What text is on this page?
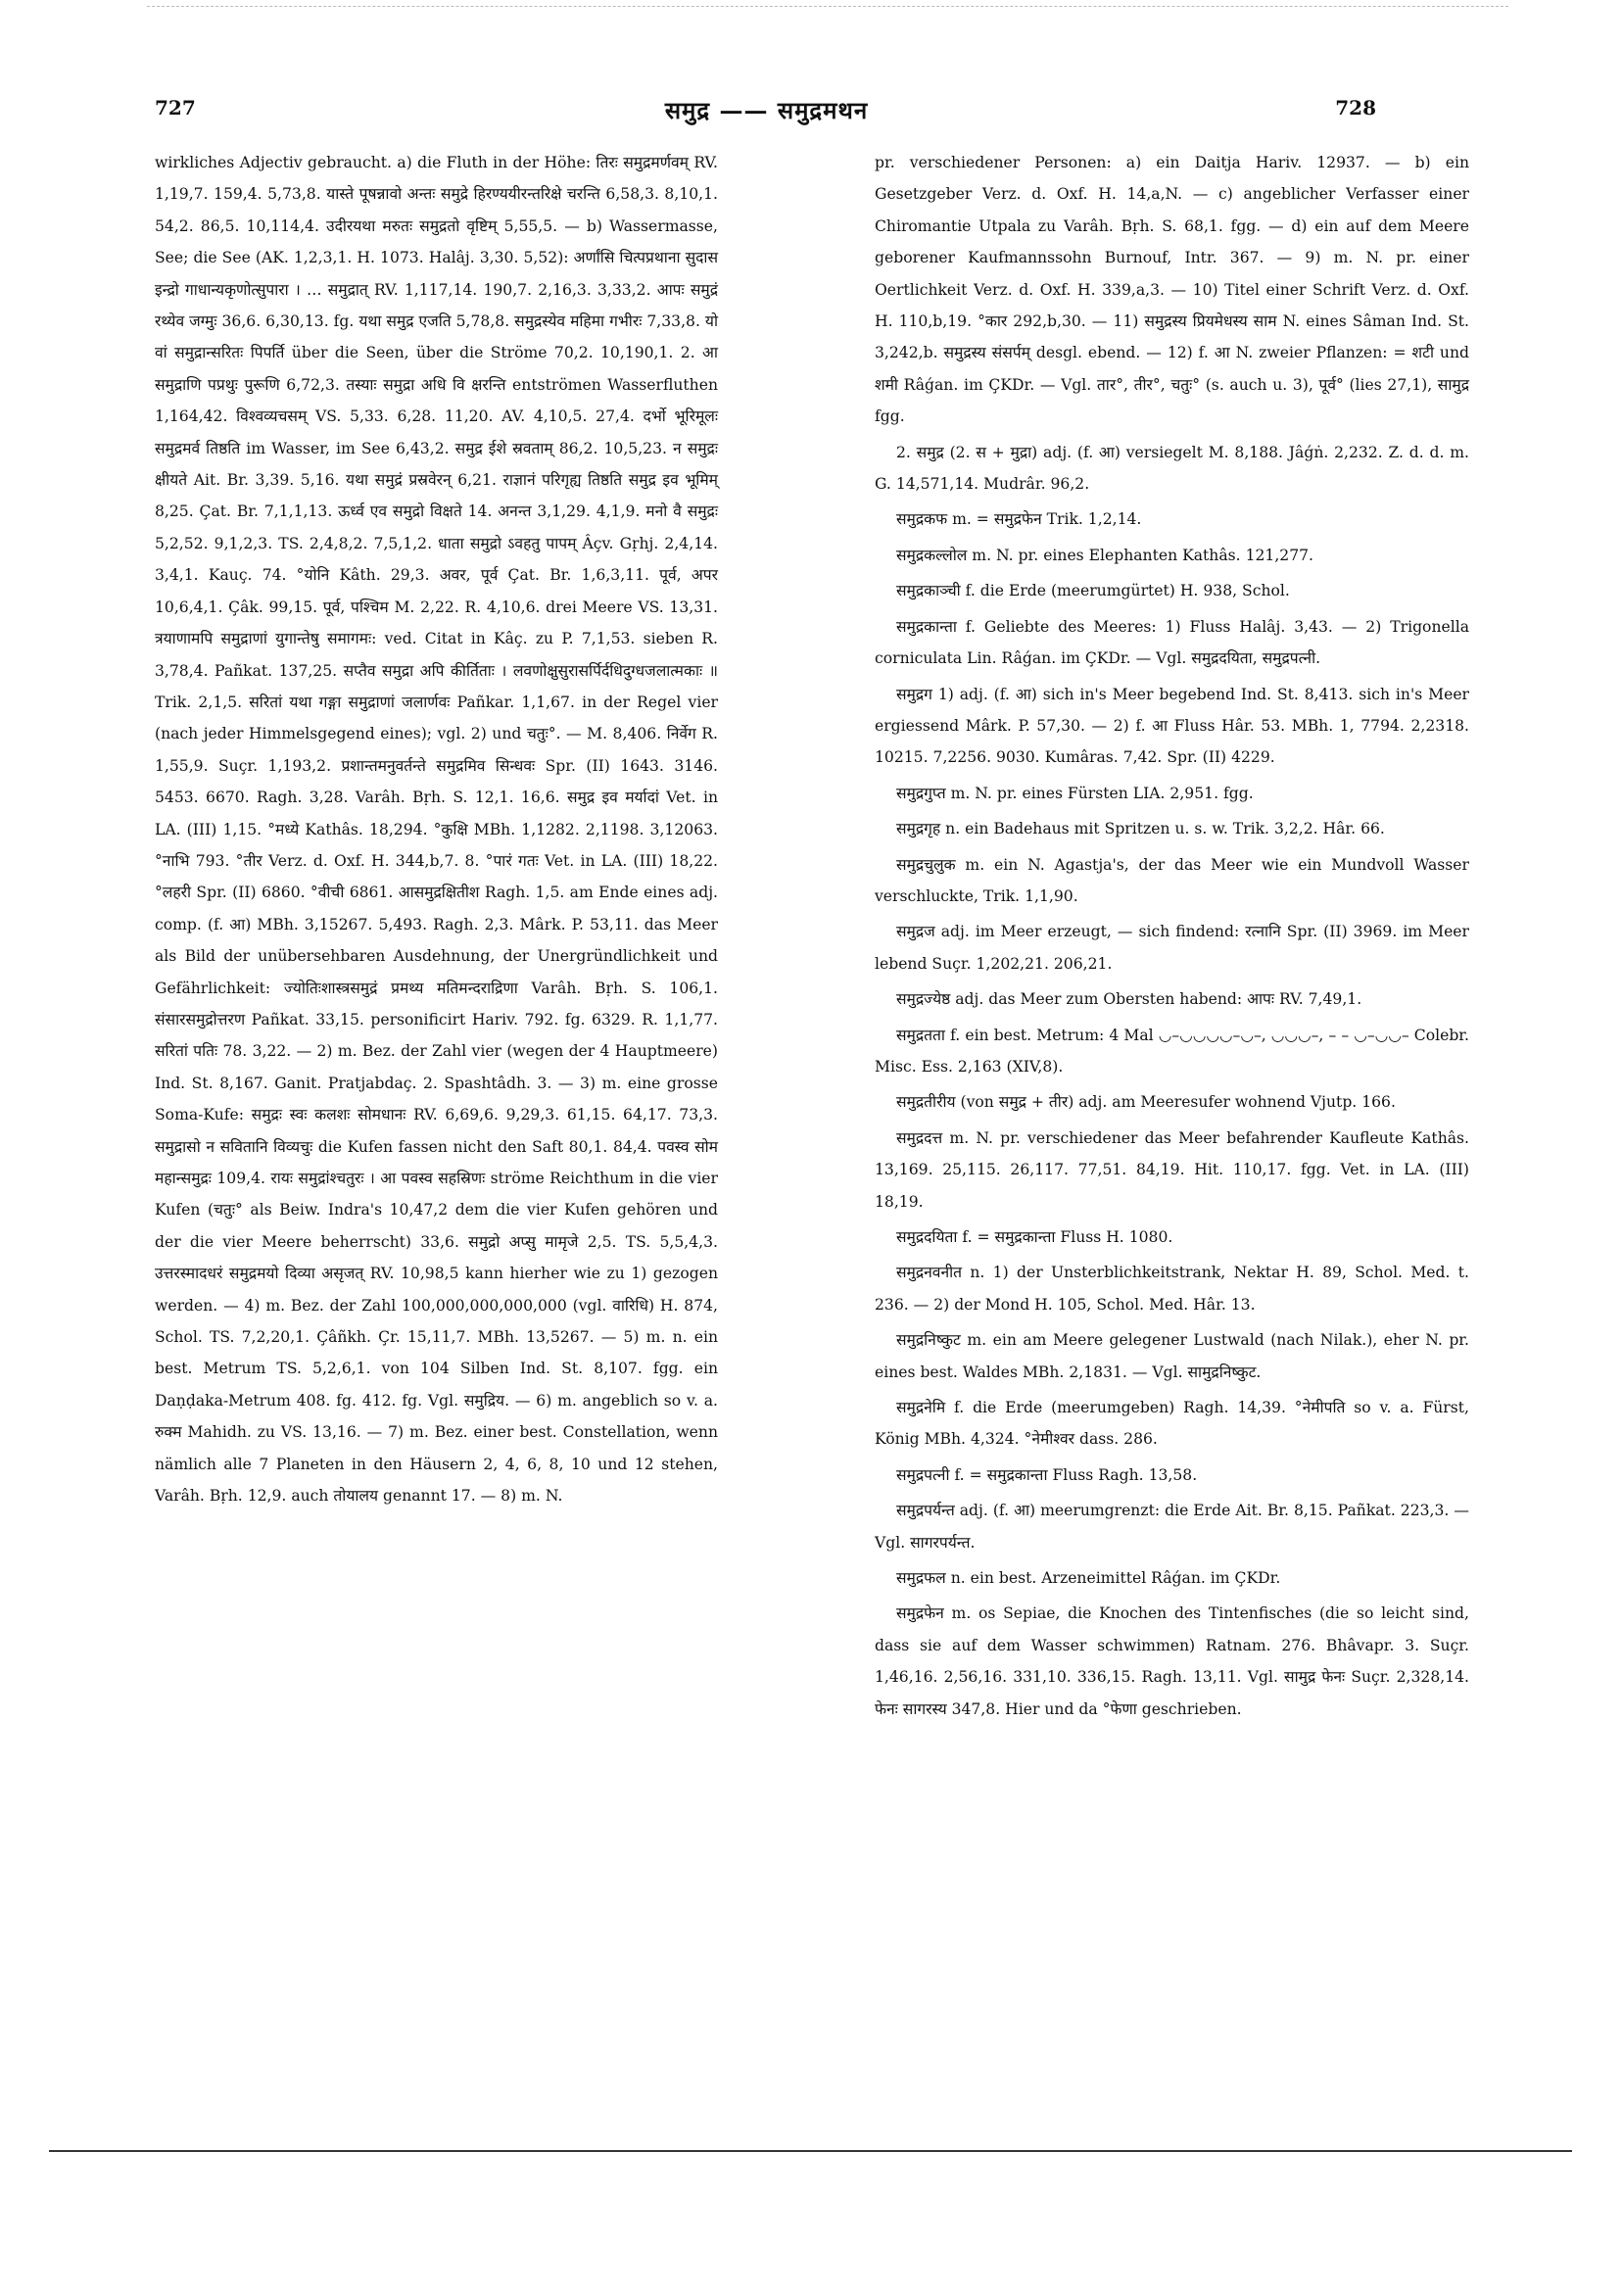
727	समुद्र —— समुद्रमथन	728

wirkliches Adjectiv gebraucht. a) die Fluth in der Höhe: तिरः समुद्रमर्णवम् RV. 1,19,7. 159,4. 5,73,8. यास्ते पूषन्नावो अन्तः समुद्रे हिरण्ययीरन्तरिक्षे चरन्ति 6,58,3. 8,10,1. 54,2. 86,5. 10,114,4. उदीरयथा मरुतः समुद्रतो वृष्टिम् 5,55,5. — b) Wassermasse, See; die See (AK. 1,2,3,1. H. 1073. Halâj. 3,30. 5,52): अर्णांसि चित्पप्रथाना सुदास इन्द्रो गाधान्यकृणोत्सुपारा । … समुद्रात् RV. 1,117,14. 190,7. 2,16,3. 3,33,2. आपः समुद्रं रथ्येव जग्मुः 36,6. 6,30,13. fg. यथा समुद्र एजति 5,78,8. समुद्रस्येव महिमा गभीरः 7,33,8. यो वां समुद्रान्सरितः पिपर्ति über die Seen, über die Ströme 70,2. 10,190,1. 2. आ समुद्राणि पप्रथुः पुरूणि 6,72,3. तस्याः समुद्रा अधि वि क्षरन्ति entströmen Wasserfluthen 1,164,42. विश्वव्यचसम् VS. 5,33. 6,28. 11,20. AV. 4,10,5. 27,4. दर्भो भूरिमूलः समुद्रमर्व तिष्ठति im Wasser, im See 6,43,2. समुद्र ईशे स्रवताम् 86,2. 10,5,23. न समुद्रः क्षीयते Ait. Br. 3,39. 5,16. यथा समुद्रं प्रस्रवेरन् 6,21. राज्ञानं परिगृह्य तिष्ठति समुद्र इव भूमिम् 8,25. Çat. Br. 7,1,1,13. ऊर्ध्व एव समुद्रो विक्षते 14. अनन्त 3,1,29. 4,1,9. मनो वै समुद्रः 5,2,52. 9,1,2,3. TS. 2,4,8,2. 7,5,1,2. धाता समुद्रो ऽवहतु पापम् Âçv. Gṛhj. 2,4,14. 3,4,1. Kauç. 74. °योनि Kâth. 29,3. अवर, पूर्व Çat. Br. 1,6,3,11. पूर्व, अपर 10,6,4,1. Çâk. 99,15. पूर्व, पश्चिम M. 2,22. R. 4,10,6. drei Meere VS. 13,31. त्रयाणामपि समुद्राणां युगान्तेषु समागमः: ved. Citat in Kâç. zu P. 7,1,53. sieben R. 3,78,4. Pañkat. 137,25. सप्तैव समुद्रा अपि कीर्तिताः । लवणोक्षुसुरासर्पिर्दधिदुग्धजलात्मकाः ॥ Trik. 2,1,5. सरितां यथा गङ्गा समुद्राणां जलार्णवः Pañkar. 1,1,67. in der Regel vier (nach jeder Himmelsgegend eines); vgl. 2) und चतुः°. — M. 8,406. निर्वेग R. 1,55,9. Suçr. 1,193,2. प्रशान्तमनुवर्तन्ते समुद्रमिव सिन्धवः Spr. (II) 1643. 3146. 5453. 6670. Ragh. 3,28. Varâh. Bṛh. S. 12,1. 16,6. समुद्र इव मर्यादां Vet. in LA. (III) 1,15. °मध्ये Kathâs. 18,294. °कुक्षि MBh. 1,1282. 2,1198. 3,12063. °नाभि 793. °तीर Verz. d. Oxf. H. 344,b,7. 8. °पारं गतः Vet. in LA. (III) 18,22. °लहरी Spr. (II) 6860. °वीची 6861. आसमुद्रक्षितीश Ragh. 1,5. am Ende eines adj. comp. (f. आ) MBh. 3,15267. 5,493. Ragh. 2,3. Mârk. P. 53,11. das Meer als Bild der unübersehbaren Ausdehnung, der Unergründlichkeit und Gefährlichkeit: ज्योतिःशास्त्रसमुद्रं प्रमथ्य मतिमन्दराद्रिणा Varâh. Bṛh. S. 106,1. संसारसमुद्रोत्तरण Pañkat. 33,15. personificirt Hariv. 792. fg. 6329. R. 1,1,77. सरितां पतिः 78. 3,22. — 2) m. Bez. der Zahl vier (wegen der 4 Hauptmeere) Ind. St. 8,167. Ganit. Pratjabdaç. 2. Spashtâdh. 3. — 3) m. eine grosse Soma-Kufe: समुद्रः स्वः कलशः सोमधानः RV. 6,69,6. 9,29,3. 61,15. 64,17. 73,3. समुद्रासो न सवितानि विव्यचुः die Kufen fassen nicht den Saft 80,1. 84,4. पवस्व सोम महान्समुद्रः 109,4. रायः समुद्रांश्चतुरः । आ पवस्व सहस्रिणः ströme Reichthum in die vier Kufen (चतुः° als Beiw. Indra's 10,47,2 dem die vier Kufen gehören und der die vier Meere beherrscht) 33,6. समुद्रो अप्सु मामृजे 2,5. TS. 5,5,4,3. उत्तरस्मादधरं समुद्रमयो दिव्या असृजत् RV. 10,98,5 kann hierher wie zu 1) gezogen werden. — 4) m. Bez. der Zahl 100,000,000,000,000 (vgl. वारिधि) H. 874, Schol. TS. 7,2,20,1. Çâñkh. Çr. 15,11,7. MBh. 13,5267. — 5) m. n. ein best. Metrum TS. 5,2,6,1. von 104 Silben Ind. St. 8,107. fgg. ein Daṇḍaka-Metrum 408. fg. 412. fg. Vgl. समुद्रिय. — 6) m. angeblich so v. a. रुक्म Mahidh. zu VS. 13,16. — 7) m. Bez. einer best. Constellation, wenn nämlich alle 7 Planeten in den Häusern 2, 4, 6, 8, 10 und 12 stehen, Varâh. Bṛh. 12,9. auch तोयालय genannt 17. — 8) m. N.

pr. verschiedener Personen: a) ein Daitja Hariv. 12937. — b) ein Gesetzgeber Verz. d. Oxf. H. 14,a,N. — c) angeblicher Verfasser einer Chiromantie Utpala zu Varâh. Bṛh. S. 68,1. fgg. — d) ein auf dem Meere geborener Kaufmannssohn Burnouf, Intr. 367. — 9) m. N. pr. einer Oertlichkeit Verz. d. Oxf. H. 339,a,3. — 10) Titel einer Schrift Verz. d. Oxf. H. 110,b,19. °कार 292,b,30. — 11) समुद्रस्य प्रियमेधस्य साम N. eines Sâman Ind. St. 3,242,b. समुद्रस्य संसर्पम् desgl. ebend. — 12) f. आ N. zweier Pflanzen: = शटी und शमी Râǵan. im ÇKDr. — Vgl. तार°, तीर°, चतुः° (s. auch u. 3), पूर्व° (lies 27,1), सामुद्र fgg.

2. समुद्र (2. स + मुद्रा) adj. (f. आ) versiegelt M. 8,188. Jâǵṅ. 2,232. Z. d. d. m. G. 14,571,14. Mudrâr. 96,2.

समुद्रकफ m. = समुद्रफेन Trik. 1,2,14.

समुद्रकल्लोल m. N. pr. eines Elephanten Kathâs. 121,277.

समुद्रकाञ्ची f. die Erde (meerumgürtet) H. 938, Schol.

समुद्रकान्ता f. Geliebte des Meeres: 1) Fluss Halâj. 3,43. — 2) Trigonella corniculata Lin. Râǵan. im ÇKDr. — Vgl. समुद्रदयिता, समुद्रपत्नी.

समुद्रग 1) adj. (f. आ) sich in's Meer begebend Ind. St. 8,413. sich in's Meer ergiessend Mârk. P. 57,30. — 2) f. आ Fluss Hâr. 53. MBh. 1, 7794. 2,2318. 10215. 7,2256. 9030. Kumâras. 7,42. Spr. (II) 4229.

समुद्रगुप्त m. N. pr. eines Fürsten LIA. 2,951. fgg.

समुद्रगृह n. ein Badehaus mit Spritzen u. s. w. Trik. 3,2,2. Hâr. 66.

समुद्रचुलुक m. ein N. Agastja's, der das Meer wie ein Mundvoll Wasser verschluckte, Trik. 1,1,90.

समुद्रज adj. im Meer erzeugt, — sich findend: रत्नानि Spr. (II) 3969. im Meer lebend Suçr. 1,202,21. 206,21.

समुद्रज्येष्ठ adj. das Meer zum Obersten habend: आपः RV. 7,49,1.

समुद्रतता f. ein best. Metrum: 4 Mal ◡–◡◡◡◡–◡–, ◡◡◡–, – – ◡–◡◡– Colebr. Misc. Ess. 2,163 (XIV,8).

समुद्रतीरीय (von समुद्र + तीर) adj. am Meeresufer wohnend Vjutp. 166.

समुद्रदत्त m. N. pr. verschiedener das Meer befahrender Kaufleute Kathâs. 13,169. 25,115. 26,117. 77,51. 84,19. Hit. 110,17. fgg. Vet. in LA. (III) 18,19.

समुद्रदयिता f. = समुद्रकान्ता Fluss H. 1080.

समुद्रनवनीत n. 1) der Unsterblichkeitstrank, Nektar H. 89, Schol. Med. t. 236. — 2) der Mond H. 105, Schol. Med. Hâr. 13.

समुद्रनिष्कुट m. ein am Meere gelegener Lustwald (nach Nilak.), eher N. pr. eines best. Waldes MBh. 2,1831. — Vgl. सामुद्रनिष्कुट.

समुद्रनेमि f. die Erde (meerumgeben) Ragh. 14,39. °नेमीपति so v. a. Fürst, König MBh. 4,324. °नेमीश्वर dass. 286.

समुद्रपत्नी f. = समुद्रकान्ता Fluss Ragh. 13,58.

समुद्रपर्यन्त adj. (f. आ) meerumgrenzt: die Erde Ait. Br. 8,15. Pañkat. 223,3. — Vgl. सागरपर्यन्त.

समुद्रफल n. ein best. Arzeneimittel Râǵan. im ÇKDr.

समुद्रफेन m. os Sepiae, die Knochen des Tintenfisches (die so leicht sind, dass sie auf dem Wasser schwimmen) Ratnam. 276. Bhâvapr. 3. Suçr. 1,46,16. 2,56,16. 331,10. 336,15. Ragh. 13,11. Vgl. सामुद्र फेनः Suçr. 2,328,14. फेनः सागरस्य 347,8. Hier und da °फेणा geschrieben.
